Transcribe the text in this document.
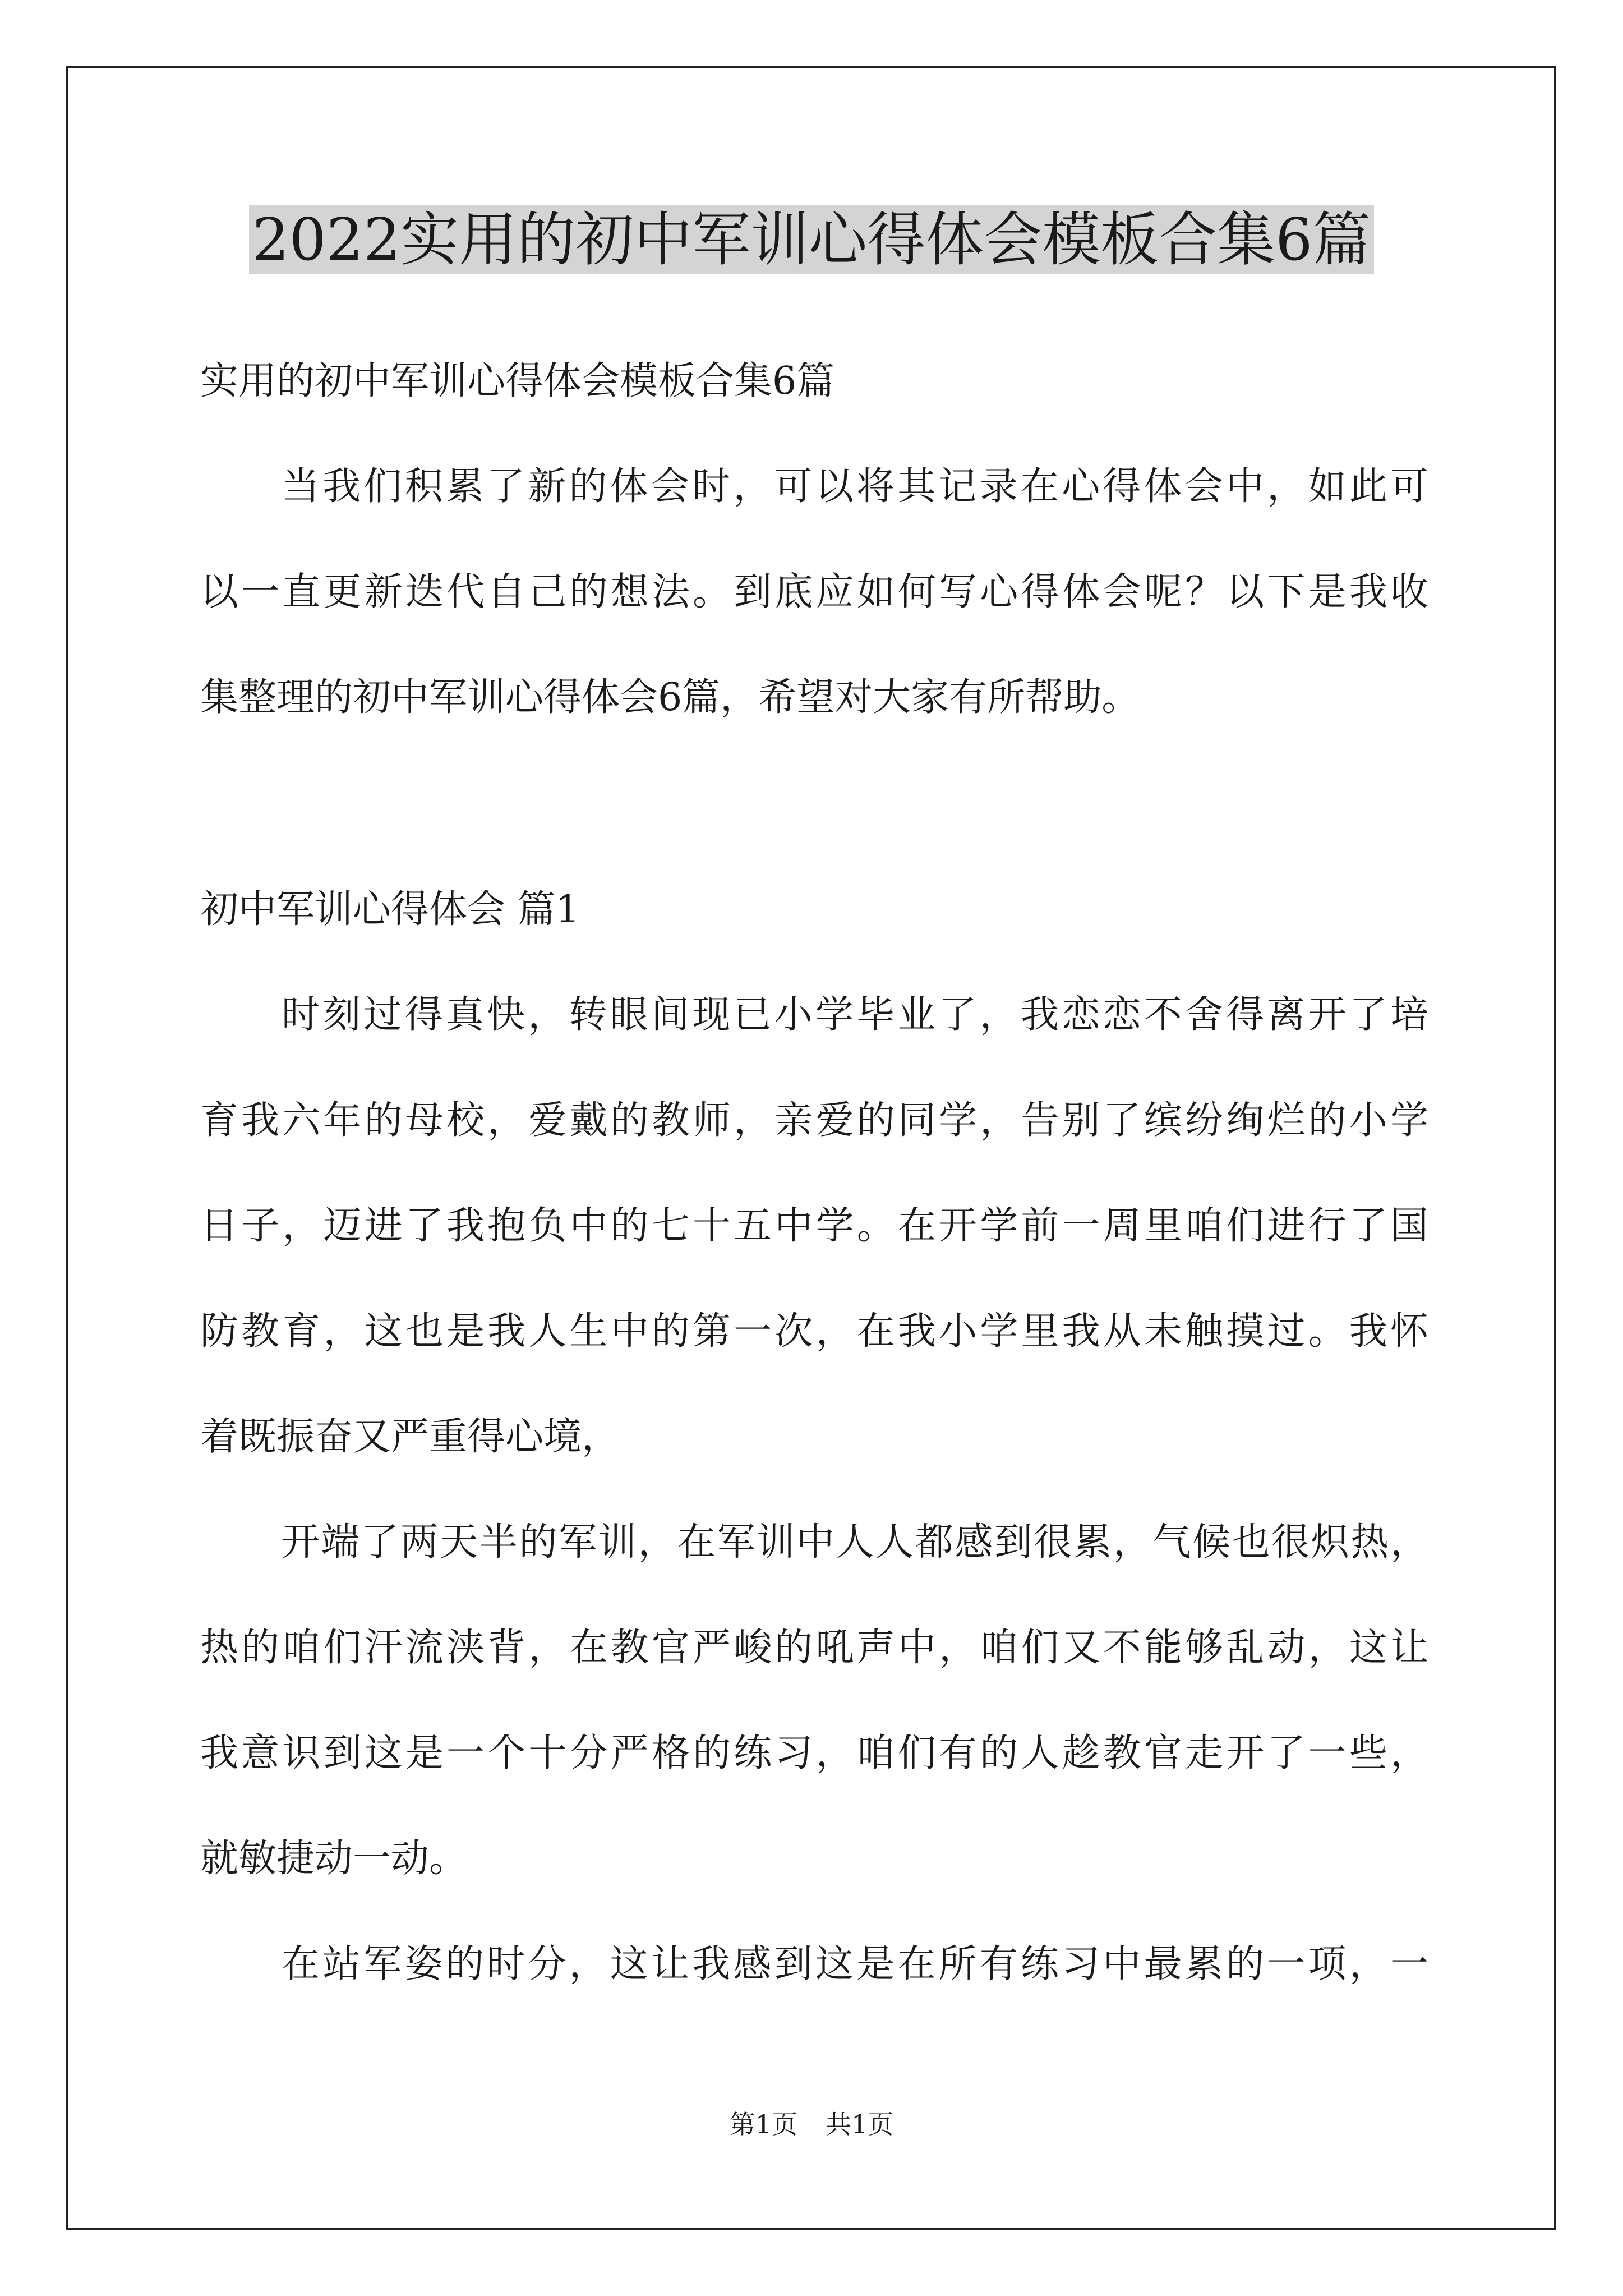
2022实用的初中军训心得体会模板合集6篇
实用的初中军训心得体会模板合集6篇
当我们积累了新的体会时，可以将其记录在心得体会中，如此可
以一直更新迭代自己的想法。到底应如何写心得体会呢？以下是我收
集整理的初中军训心得体会6篇，希望对大家有所帮助。
初中军训心得体会 篇1
时刻过得真快，转眼间现已小学毕业了，我恋恋不舍得离开了培
育我六年的母校，爱戴的教师，亲爱的同学，告别了缤纷绚烂的小学
日子，迈进了我抱负中的七十五中学。在开学前一周里咱们进行了国
防教育，这也是我人生中的第一次，在我小学里我从未触摸过。我怀
着既振奋又严重得心境，
开端了两天半的军训，在军训中人人都感到很累，气候也很炽热，
热的咱们汗流浃背，在教官严峻的吼声中，咱们又不能够乱动，这让
我意识到这是一个十分严格的练习，咱们有的人趁教官走开了一些，
就敏捷动一动。
在站军姿的时分，这让我感到这是在所有练习中最累的一项，一
第1页 共1页
